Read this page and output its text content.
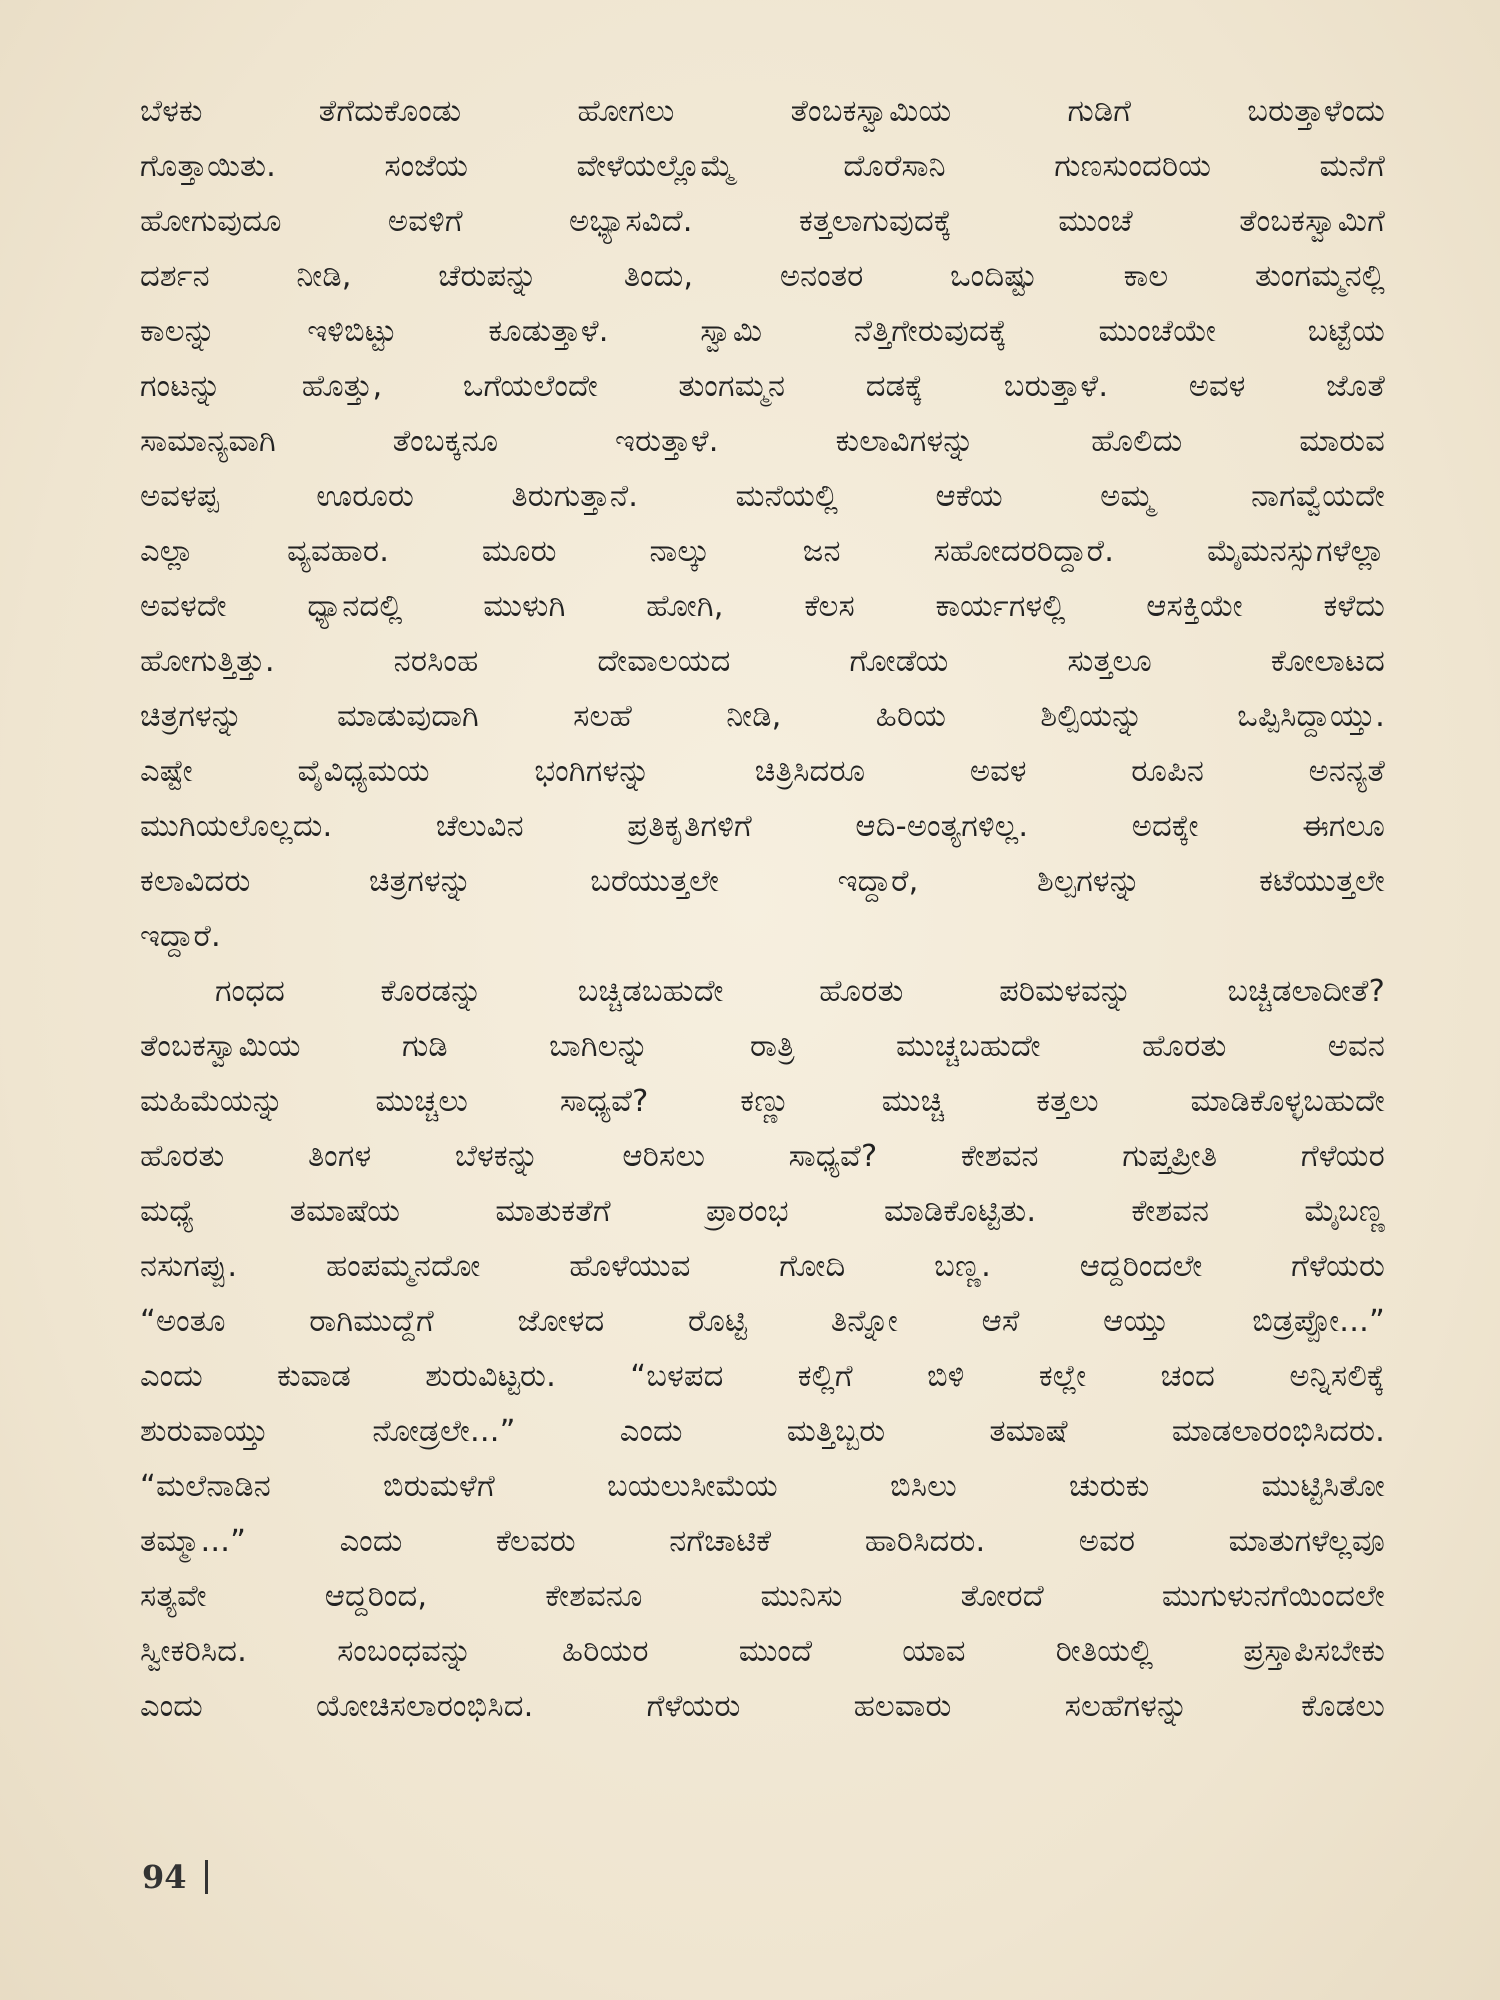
ಬೆಳಕು ತೆಗೆದುಕೊಂಡು ಹೋಗಲು ತೆಂಬಕಸ್ವಾಮಿಯ ಗುಡಿಗೆ ಬರುತ್ತಾಳೆಂದು
ಗೊತ್ತಾಯಿತು. ಸಂಜೆಯ ವೇಳೆಯಲ್ಲೊಮ್ಮೆ ದೊರೆಸಾನಿ ಗುಣಸುಂದರಿಯ ಮನೆಗೆ
ಹೋಗುವುದೂ ಅವಳಿಗೆ ಅಭ್ಯಾಸವಿದೆ. ಕತ್ತಲಾಗುವುದಕ್ಕೆ ಮುಂಚೆ ತೆಂಬಕಸ್ವಾಮಿಗೆ
ದರ್ಶನ ನೀಡಿ, ಚೆರುಪನ್ನು ತಿಂದು, ಅನಂತರ ಒಂದಿಷ್ಟು ಕಾಲ ತುಂಗಮ್ಮನಲ್ಲಿ
ಕಾಲನ್ನು ಇಳಿಬಿಟ್ಟು ಕೂಡುತ್ತಾಳೆ. ಸ್ವಾಮಿ ನೆತ್ತಿಗೇರುವುದಕ್ಕೆ ಮುಂಚೆಯೇ ಬಟ್ಟೆಯ
ಗಂಟನ್ನು ಹೊತ್ತು, ಒಗೆಯಲೆಂದೇ ತುಂಗಮ್ಮನ ದಡಕ್ಕೆ ಬರುತ್ತಾಳೆ. ಅವಳ ಜೊತೆ
ಸಾಮಾನ್ಯವಾಗಿ ತೆಂಬಕ್ಕನೂ ಇರುತ್ತಾಳೆ. ಕುಲಾವಿಗಳನ್ನು ಹೊಲಿದು ಮಾರುವ
ಅವಳಪ್ಪ ಊರೂರು ತಿರುಗುತ್ತಾನೆ. ಮನೆಯಲ್ಲಿ ಆಕೆಯ ಅಮ್ಮ ನಾಗವ್ವೆಯದೇ
ಎಲ್ಲಾ ವ್ಯವಹಾರ. ಮೂರು ನಾಲ್ಕು ಜನ ಸಹೋದರರಿದ್ದಾರೆ. ಮೈಮನಸ್ಸುಗಳೆಲ್ಲಾ
ಅವಳದೇ ಧ್ಯಾನದಲ್ಲಿ ಮುಳುಗಿ ಹೋಗಿ, ಕೆಲಸ ಕಾರ್ಯಗಳಲ್ಲಿ ಆಸಕ್ತಿಯೇ ಕಳೆದು
ಹೋಗುತ್ತಿತ್ತು. ನರಸಿಂಹ ದೇವಾಲಯದ ಗೋಡೆಯ ಸುತ್ತಲೂ ಕೋಲಾಟದ
ಚಿತ್ರಗಳನ್ನು ಮಾಡುವುದಾಗಿ ಸಲಹೆ ನೀಡಿ, ಹಿರಿಯ ಶಿಲ್ಪಿಯನ್ನು ಒಪ್ಪಿಸಿದ್ದಾಯ್ತು.
ಎಷ್ಟೇ ವೈವಿಧ್ಯಮಯ ಭಂಗಿಗಳನ್ನು ಚಿತ್ರಿಸಿದರೂ ಅವಳ ರೂಪಿನ ಅನನ್ಯತೆ
ಮುಗಿಯಲೊಲ್ಲದು. ಚೆಲುವಿನ ಪ್ರತಿಕೃತಿಗಳಿಗೆ ಆದಿ-ಅಂತ್ಯಗಳಿಲ್ಲ. ಅದಕ್ಕೇ ಈಗಲೂ
ಕಲಾವಿದರು ಚಿತ್ರಗಳನ್ನು ಬರೆಯುತ್ತಲೇ ಇದ್ದಾರೆ, ಶಿಲ್ಪಗಳನ್ನು ಕಟೆಯುತ್ತಲೇ
ಇದ್ದಾರೆ.
ಗಂಧದ ಕೊರಡನ್ನು ಬಚ್ಚಿಡಬಹುದೇ ಹೊರತು ಪರಿಮಳವನ್ನು ಬಚ್ಚಿಡಲಾದೀತೆ?
ತೆಂಬಕಸ್ವಾಮಿಯ ಗುಡಿ ಬಾಗಿಲನ್ನು ರಾತ್ರಿ ಮುಚ್ಚಬಹುದೇ ಹೊರತು ಅವನ
ಮಹಿಮೆಯನ್ನು ಮುಚ್ಚಲು ಸಾಧ್ಯವೆ? ಕಣ್ಣು ಮುಚ್ಚಿ ಕತ್ತಲು ಮಾಡಿಕೊಳ್ಳಬಹುದೇ
ಹೊರತು ತಿಂಗಳ ಬೆಳಕನ್ನು ಆರಿಸಲು ಸಾಧ್ಯವೆ? ಕೇಶವನ ಗುಪ್ತಪ್ರೀತಿ ಗೆಳೆಯರ
ಮಧ್ಯೆ ತಮಾಷೆಯ ಮಾತುಕತೆಗೆ ಪ್ರಾರಂಭ ಮಾಡಿಕೊಟ್ಟಿತು. ಕೇಶವನ ಮೈಬಣ್ಣ
ನಸುಗಪ್ಪು. ಹಂಪಮ್ಮನದೋ ಹೊಳೆಯುವ ಗೋದಿ ಬಣ್ಣ. ಆದ್ದರಿಂದಲೇ ಗೆಳೆಯರು
“ಅಂತೂ ರಾಗಿಮುದ್ದೆಗೆ ಜೋಳದ ರೊಟ್ಟಿ ತಿನ್ನೋ ಆಸೆ ಆಯ್ತು ಬಿಡ್ರಪ್ಪೋ...”
ಎಂದು ಕುವಾಡ ಶುರುವಿಟ್ಟರು. “ಬಳಪದ ಕಲ್ಲಿಗೆ ಬಿಳಿ ಕಲ್ಲೇ ಚಂದ ಅನ್ನಿಸಲಿಕ್ಕೆ
ಶುರುವಾಯ್ತು ನೋಡ್ರಲೇ...” ಎಂದು ಮತ್ತಿಬ್ಬರು ತಮಾಷೆ ಮಾಡಲಾರಂಭಿಸಿದರು.
“ಮಲೆನಾಡಿನ ಬಿರುಮಳೆಗೆ ಬಯಲುಸೀಮೆಯ ಬಿಸಿಲು ಚುರುಕು ಮುಟ್ಟಿಸಿತೋ
ತಮ್ಮಾ...” ಎಂದು ಕೆಲವರು ನಗೆಚಾಟಿಕೆ ಹಾರಿಸಿದರು. ಅವರ ಮಾತುಗಳೆಲ್ಲವೂ
ಸತ್ಯವೇ ಆದ್ದರಿಂದ, ಕೇಶವನೂ ಮುನಿಸು ತೋರದೆ ಮುಗುಳುನಗೆಯಿಂದಲೇ
ಸ್ವೀಕರಿಸಿದ. ಸಂಬಂಧವನ್ನು ಹಿರಿಯರ ಮುಂದೆ ಯಾವ ರೀತಿಯಲ್ಲಿ ಪ್ರಸ್ತಾಪಿಸಬೇಕು
ಎಂದು ಯೋಚಿಸಲಾರಂಭಿಸಿದ. ಗೆಳೆಯರು ಹಲವಾರು ಸಲಹೆಗಳನ್ನು ಕೊಡಲು
94
